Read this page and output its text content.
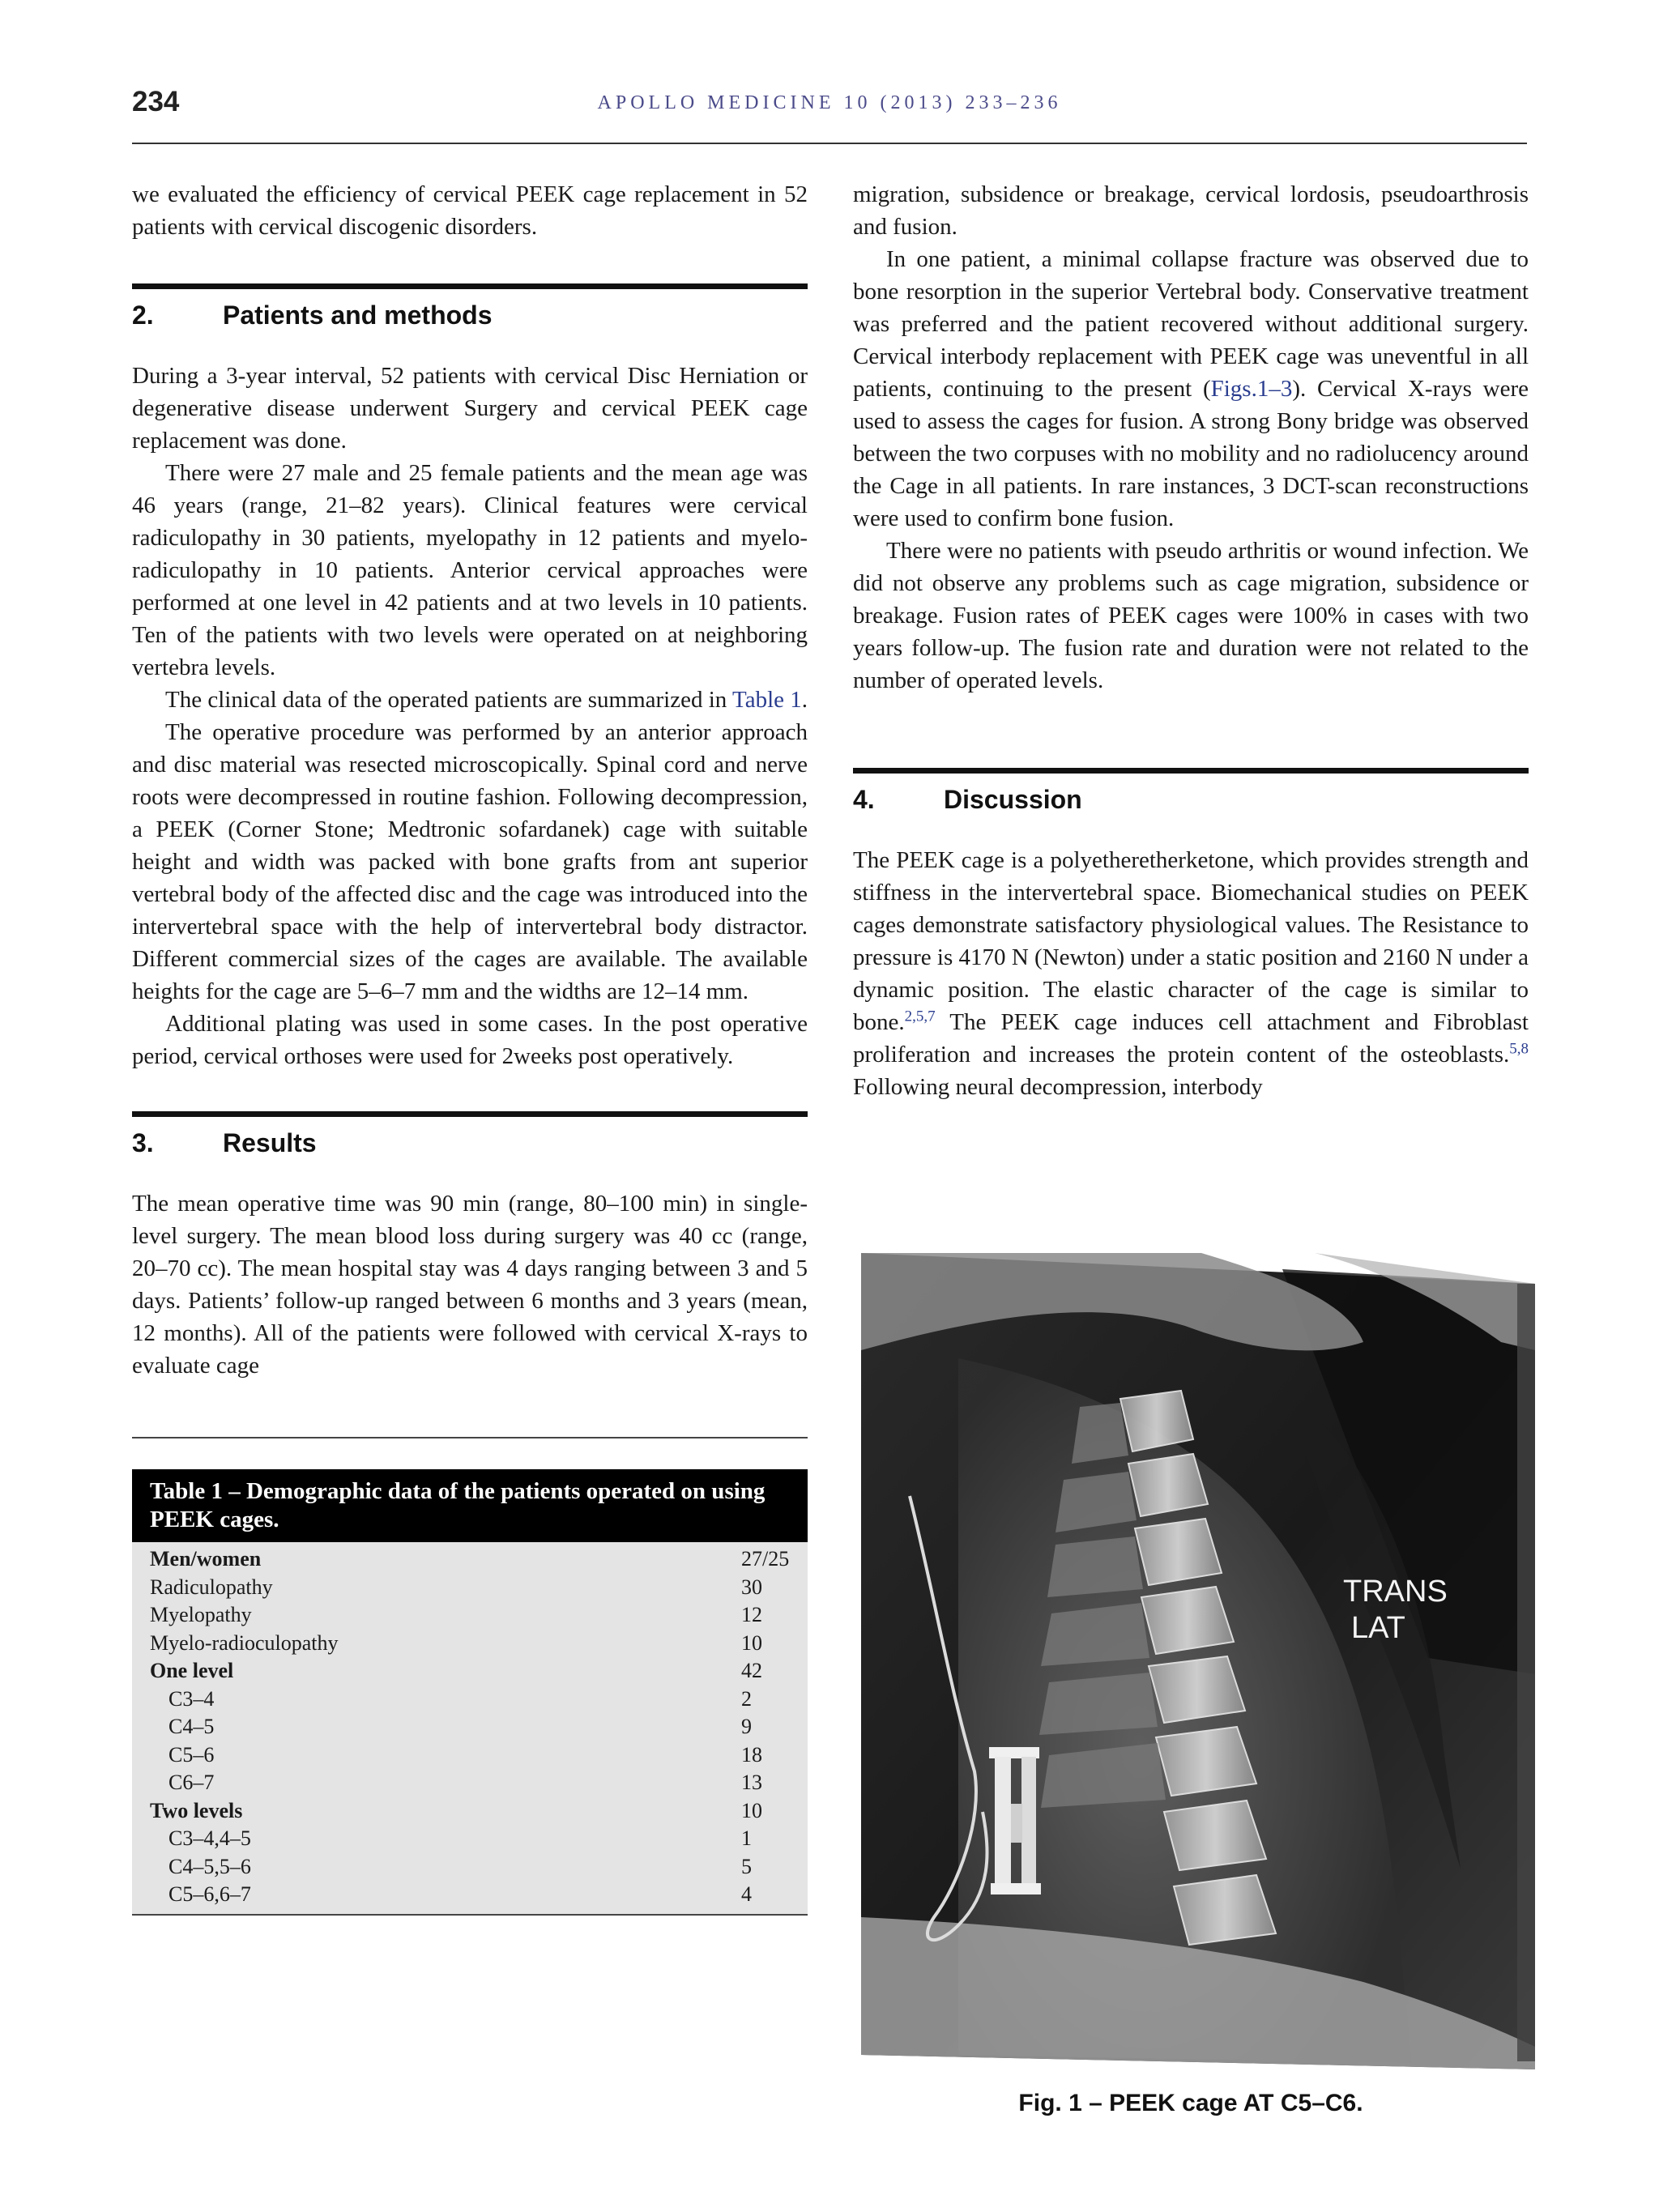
234	APOLLO MEDICINE 10 (2013) 233–236

we evaluated the efficiency of cervical PEEK cage replacement in 52 patients with cervical discogenic disorders.

2.	Patients and methods

During a 3-year interval, 52 patients with cervical Disc Herniation or degenerative disease underwent Surgery and cervical PEEK cage replacement was done.

There were 27 male and 25 female patients and the mean age was 46 years (range, 21–82 years). Clinical features were cervical radiculopathy in 30 patients, myelopathy in 12 patients and myelo-radiculopathy in 10 patients. Anterior cervical approaches were performed at one level in 42 patients and at two levels in 10 patients. Ten of the patients with two levels were operated on at neighboring vertebra levels.

The clinical data of the operated patients are summarized in Table 1.

The operative procedure was performed by an anterior approach and disc material was resected microscopically. Spinal cord and nerve roots were decompressed in routine fashion. Following decompression, a PEEK (Corner Stone; Medtronic sofardanek) cage with suitable height and width was packed with bone grafts from ant superior vertebral body of the affected disc and the cage was introduced into the intervertebral space with the help of intervertebral body distractor. Different commercial sizes of the cages are available. The available heights for the cage are 5–6–7 mm and the widths are 12–14 mm.

Additional plating was used in some cases. In the post operative period, cervical orthoses were used for 2weeks post operatively.

3.	Results

The mean operative time was 90 min (range, 80–100 min) in single-level surgery. The mean blood loss during surgery was 40 cc (range, 20–70 cc). The mean hospital stay was 4 days ranging between 3 and 5 days. Patients’ follow-up ranged between 6 months and 3 years (mean, 12 months). All of the patients were followed with cervical X-rays to evaluate cage

Table 1 – Demographic data of the patients operated on using PEEK cages.
Men/women	27/25
Radiculopathy	30
Myelopathy	12
Myelo-radioculopathy	10
One level	42
C3–4	2
C4–5	9
C5–6	18
C6–7	13
Two levels	10
C3–4,4–5	1
C4–5,5–6	5
C5–6,6–7	4

migration, subsidence or breakage, cervical lordosis, pseudoarthrosis and fusion.

In one patient, a minimal collapse fracture was observed due to bone resorption in the superior Vertebral body. Conservative treatment was preferred and the patient recovered without additional surgery. Cervical interbody replacement with PEEK cage was uneventful in all patients, continuing to the present (Figs.1–3). Cervical X-rays were used to assess the cages for fusion. A strong Bony bridge was observed between the two corpuses with no mobility and no radiolucency around the Cage in all patients. In rare instances, 3 DCT-scan reconstructions were used to confirm bone fusion.

There were no patients with pseudo arthritis or wound infection. We did not observe any problems such as cage migration, subsidence or breakage. Fusion rates of PEEK cages were 100% in cases with two years follow-up. The fusion rate and duration were not related to the number of operated levels.

4.	Discussion

The PEEK cage is a polyetheretherketone, which provides strength and stiffness in the intervertebral space. Biomechanical studies on PEEK cages demonstrate satisfactory physiological values. The Resistance to pressure is 4170 N (Newton) under a static position and 2160 N under a dynamic position. The elastic character of the cage is similar to bone.$^{2,5,7}$ The PEEK cage induces cell attachment and Fibroblast proliferation and increases the protein content of the osteoblasts.$^{5,8}$ Following neural decompression, interbody

TRANS
LAT
Fig. 1 – PEEK cage AT C5–C6.
